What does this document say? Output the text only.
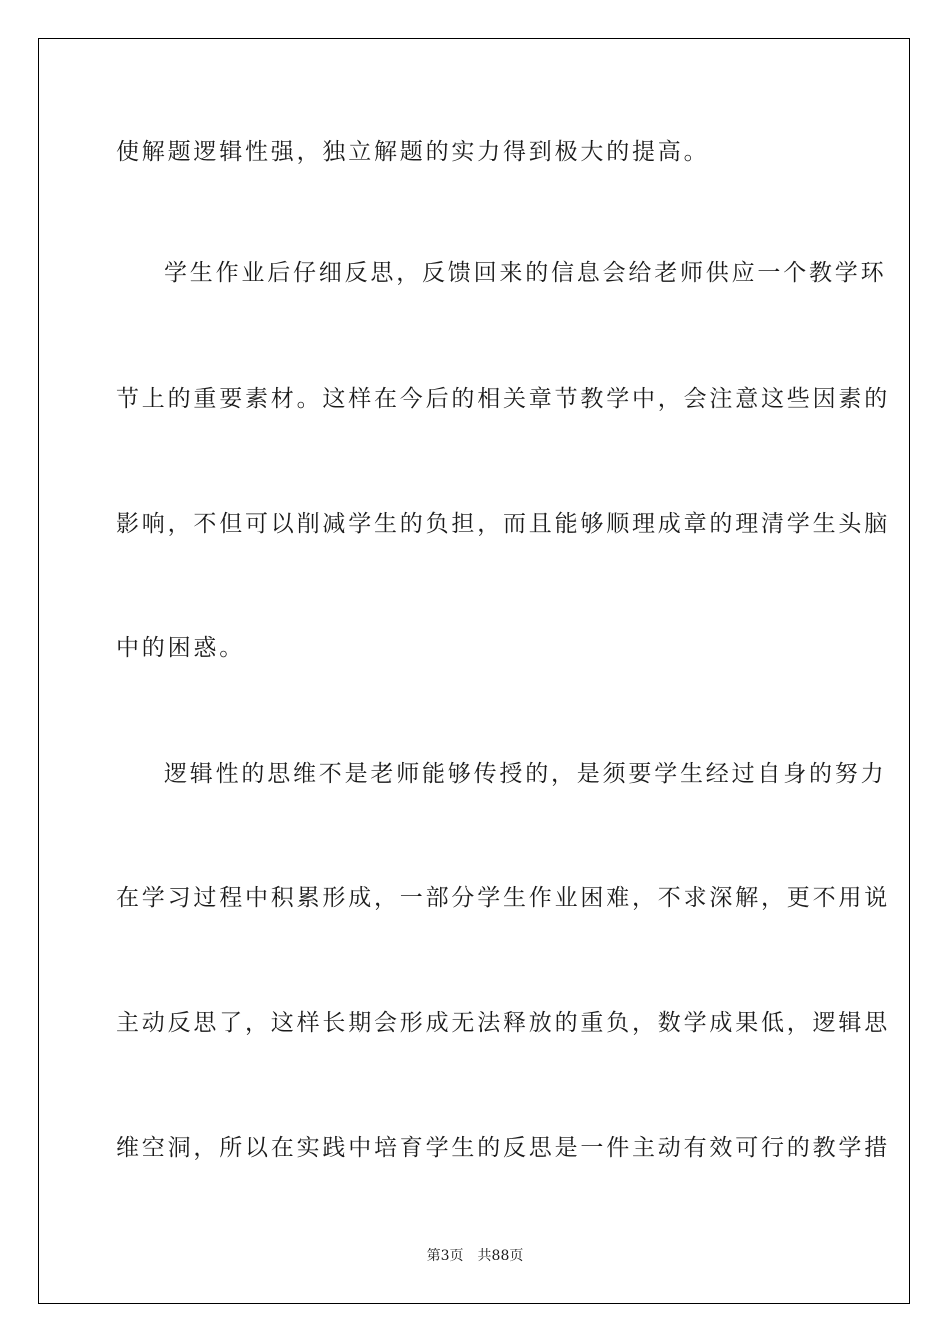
使解题逻辑性强，独立解题的实力得到极大的提高。
学生作业后仔细反思，反馈回来的信息会给老师供应一个教学环
节上的重要素材。这样在今后的相关章节教学中，会注意这些因素的
影响，不但可以削减学生的负担，而且能够顺理成章的理清学生头脑
中的困惑。
逻辑性的思维不是老师能够传授的，是须要学生经过自身的努力
在学习过程中积累形成，一部分学生作业困难，不求深解，更不用说
主动反思了，这样长期会形成无法释放的重负，数学成果低，逻辑思
维空洞，所以在实践中培育学生的反思是一件主动有效可行的教学措
第3页 共88页
